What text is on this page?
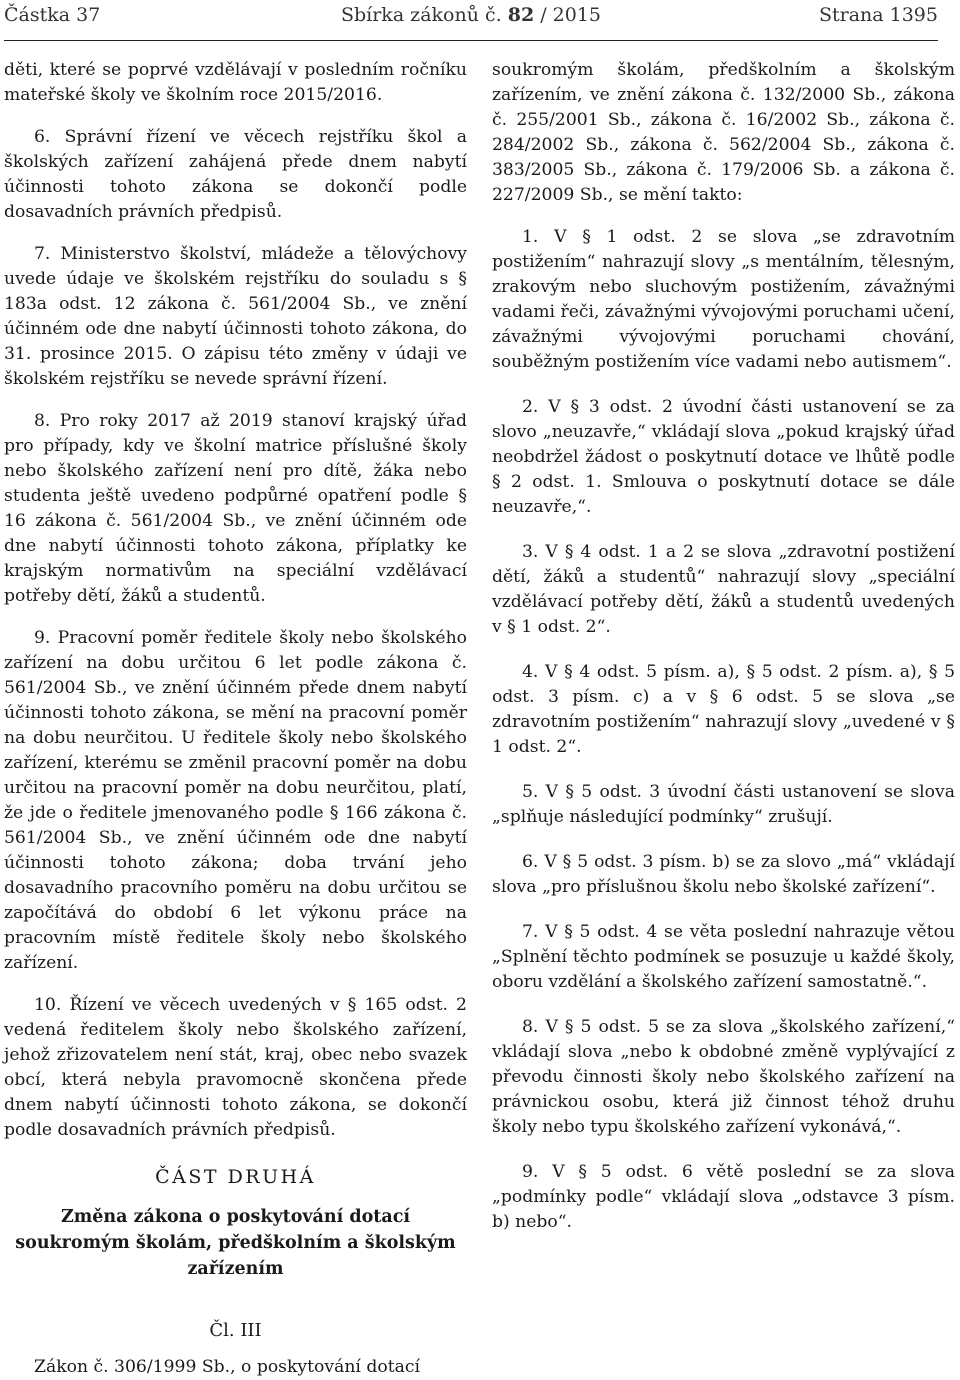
Částka 37	Sbírka zákonů č. 82 / 2015	Strana 1395

děti, které se poprvé vzdělávají v posledním ročníku mateřské školy ve školním roce 2015/2016.

6. Správní řízení ve věcech rejstříku škol a školských zařízení zahájená přede dnem nabytí účinnosti tohoto zákona se dokončí podle dosavadních právních předpisů.

7. Ministerstvo školství, mládeže a tělovýchovy uvede údaje ve školském rejstříku do souladu s § 183a odst. 12 zákona č. 561/2004 Sb., ve znění účinném ode dne nabytí účinnosti tohoto zákona, do 31. prosince 2015. O zápisu této změny v údaji ve školském rejstříku se nevede správní řízení.

8. Pro roky 2017 až 2019 stanoví krajský úřad pro případy, kdy ve školní matrice příslušné školy nebo školského zařízení není pro dítě, žáka nebo studenta ještě uvedeno podpůrné opatření podle § 16 zákona č. 561/2004 Sb., ve znění účinném ode dne nabytí účinnosti tohoto zákona, příplatky ke krajským normativům na speciální vzdělávací potřeby dětí, žáků a studentů.

9. Pracovní poměr ředitele školy nebo školského zařízení na dobu určitou 6 let podle zákona č. 561/2004 Sb., ve znění účinném přede dnem nabytí účinnosti tohoto zákona, se mění na pracovní poměr na dobu neurčitou. U ředitele školy nebo školského zařízení, kterému se změnil pracovní poměr na dobu určitou na pracovní poměr na dobu neurčitou, platí, že jde o ředitele jmenovaného podle § 166 zákona č. 561/2004 Sb., ve znění účinném ode dne nabytí účinnosti tohoto zákona; doba trvání jeho dosavadního pracovního poměru na dobu určitou se započítává do období 6 let výkonu práce na pracovním místě ředitele školy nebo školského zařízení.

10. Řízení ve věcech uvedených v § 165 odst. 2 vedená ředitelem školy nebo školského zařízení, jehož zřizovatelem není stát, kraj, obec nebo svazek obcí, která nebyla pravomocně skončena přede dnem nabytí účinnosti tohoto zákona, se dokončí podle dosavadních právních předpisů.

ČÁST DRUHÁ
Změna zákona o poskytování dotací soukromým školám, předškolním a školským zařízením
Čl. III

Zákon č. 306/1999 Sb., o poskytování dotací

soukromým školám, předškolním a školským zařízením, ve znění zákona č. 132/2000 Sb., zákona č. 255/2001 Sb., zákona č. 16/2002 Sb., zákona č. 284/2002 Sb., zákona č. 562/2004 Sb., zákona č. 383/2005 Sb., zákona č. 179/2006 Sb. a zákona č. 227/2009 Sb., se mění takto:

1. V § 1 odst. 2 se slova „se zdravotním postižením“ nahrazují slovy „s mentálním, tělesným, zrakovým nebo sluchovým postižením, závažnými vadami řeči, závažnými vývojovými poruchami učení, závažnými vývojovými poruchami chování, souběžným postižením více vadami nebo autismem“.

2. V § 3 odst. 2 úvodní části ustanovení se za slovo „neuzavře,“ vkládají slova „pokud krajský úřad neobdržel žádost o poskytnutí dotace ve lhůtě podle § 2 odst. 1. Smlouva o poskytnutí dotace se dále neuzavře,“.

3. V § 4 odst. 1 a 2 se slova „zdravotní postižení dětí, žáků a studentů“ nahrazují slovy „speciální vzdělávací potřeby dětí, žáků a studentů uvedených v § 1 odst. 2“.

4. V § 4 odst. 5 písm. a), § 5 odst. 2 písm. a), § 5 odst. 3 písm. c) a v § 6 odst. 5 se slova „se zdravotním postižením“ nahrazují slovy „uvedené v § 1 odst. 2“.

5. V § 5 odst. 3 úvodní části ustanovení se slova „splňuje následující podmínky“ zrušují.

6. V § 5 odst. 3 písm. b) se za slovo „má“ vkládají slova „pro příslušnou školu nebo školské zařízení“.

7. V § 5 odst. 4 se věta poslední nahrazuje větou „Splnění těchto podmínek se posuzuje u každé školy, oboru vzdělání a školského zařízení samostatně.“.

8. V § 5 odst. 5 se za slova „školského zařízení,“ vkládají slova „nebo k obdobné změně vyplývající z převodu činnosti školy nebo školského zařízení na právnickou osobu, která již činnost téhož druhu školy nebo typu školského zařízení vykonává,“.

9. V § 5 odst. 6 větě poslední se za slova „podmínky podle“ vkládají slova „odstavce 3 písm. b) nebo“.
